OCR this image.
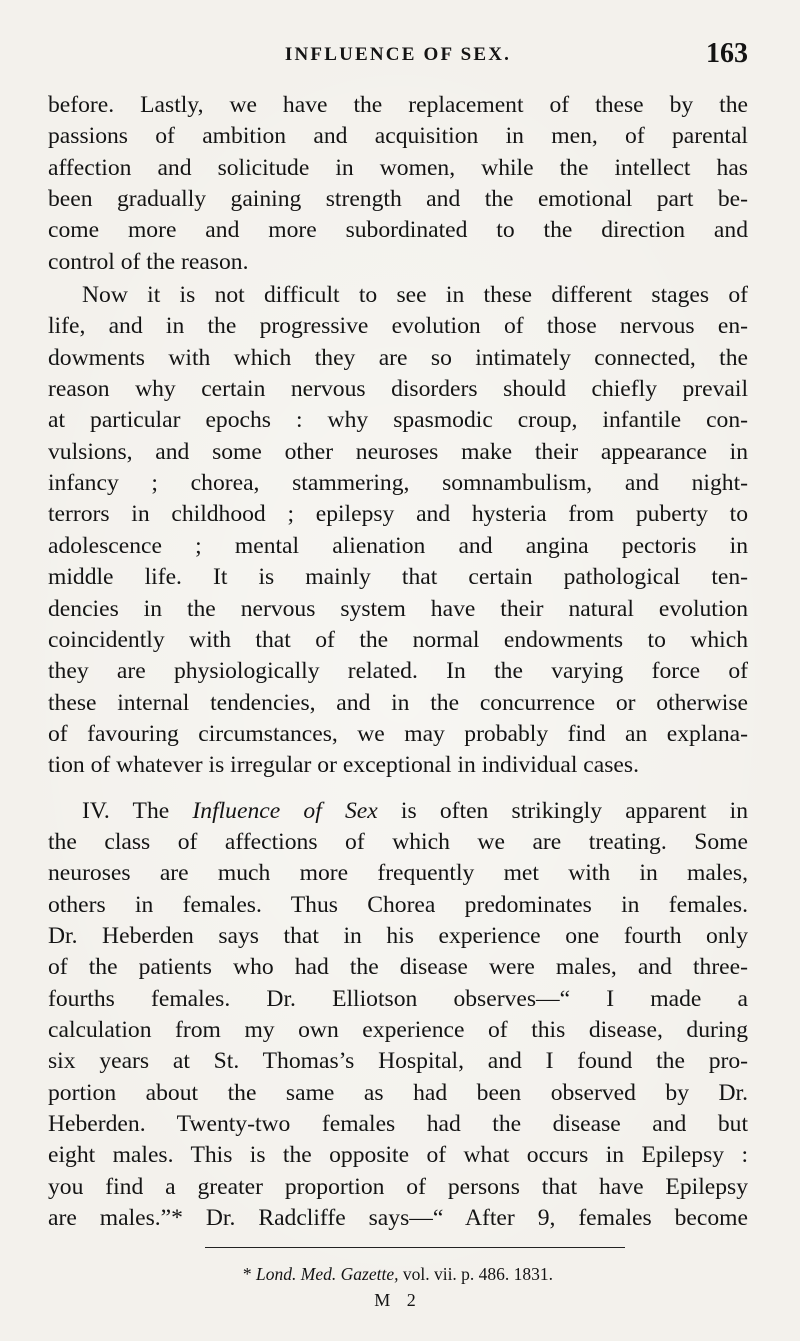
INFLUENCE OF SEX.	163

before. Lastly, we have the replacement of these by the
passions of ambition and acquisition in men, of parental
affection and solicitude in women, while the intellect has
been gradually gaining strength and the emotional part be-
come more and more subordinated to the direction and
control of the reason.

Now it is not difficult to see in these different stages of
life, and in the progressive evolution of those nervous en-
dowments with which they are so intimately connected, the
reason why certain nervous disorders should chiefly prevail
at particular epochs : why spasmodic croup, infantile con-
vulsions, and some other neuroses make their appearance in
infancy ; chorea, stammering, somnambulism, and night-
terrors in childhood ; epilepsy and hysteria from puberty to
adolescence ; mental alienation and angina pectoris in
middle life. It is mainly that certain pathological ten-
dencies in the nervous system have their natural evolution
coincidently with that of the normal endowments to which
they are physiologically related. In the varying force of
these internal tendencies, and in the concurrence or otherwise
of favouring circumstances, we may probably find an explana-
tion of whatever is irregular or exceptional in individual cases.

IV. The Influence of Sex is often strikingly apparent in
the class of affections of which we are treating. Some
neuroses are much more frequently met with in males,
others in females. Thus Chorea predominates in females.
Dr. Heberden says that in his experience one fourth only
of the patients who had the disease were males, and three-
fourths females. Dr. Elliotson observes—“ I made a
calculation from my own experience of this disease, during
six years at St. Thomas’s Hospital, and I found the pro-
portion about the same as had been observed by Dr.
Heberden. Twenty-two females had the disease and but
eight males. This is the opposite of what occurs in Epilepsy :
you find a greater proportion of persons that have Epilepsy
are males.”* Dr. Radcliffe says—“ After 9, females become

* Lond. Med. Gazette, vol. vii. p. 486. 1831.
M 2
